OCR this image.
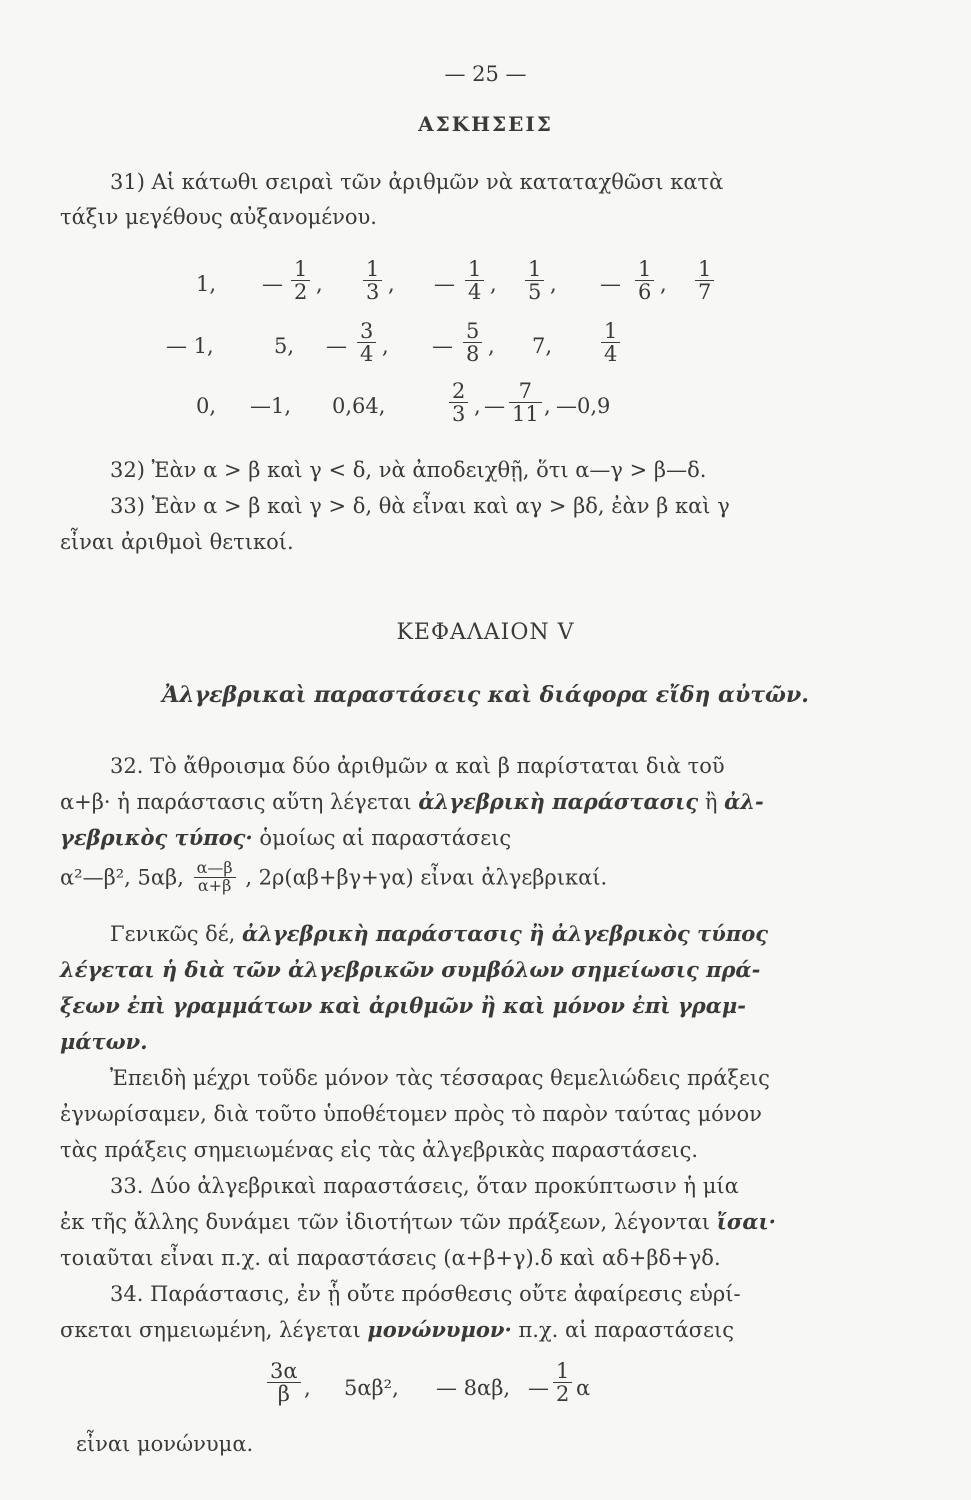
— 25 —
ΑΣΚΗΣΕΙΣ
31) Αἱ κάτωθι σειραὶ τῶν ἀριθμῶν νὰ καταταχθῶσι κατὰ
τάξιν μεγέθους αὐξανομένου.
1, — $\frac{1}{2}$ , $\frac{1}{3}$ , — $\frac{1}{4}$ , $\frac{1}{5}$ , — $\frac{1}{6}$ , $\frac{1}{7}$
— 1,	5, — $\frac{3}{4}$ , — $\frac{5}{8}$ , 7, $\frac{1}{4}$
0, —1, 0,64,	$\frac{2}{3}$ , — $\frac{7}{11}$ , —0,9
32) Ἐὰν α > β καὶ γ < δ, νὰ ἀποδειχθῇ, ὅτι α—γ > β—δ.
33) Ἐὰν α > β καὶ γ > δ, θὰ εἶναι καὶ αγ > βδ, ἐὰν β καὶ γ
εἶναι ἀριθμοὶ θετικοί.
ΚΕΦΑΛΑΙΟΝ V
Ἀλγεβρικαὶ παραστάσεις καὶ διάφορα εἴδη αὐτῶν.
32. Τὸ ἄθροισμα δύο ἀριθμῶν α καὶ β παρίσταται διὰ τοῦ
α+β· ἡ παράστασις αὕτη λέγεται ἀλγεβρικὴ παράστασις ἢ ἀλ-
γεβρικὸς τύπος· ὁμοίως αἱ παραστάσεις
α²—β², 5αβ, $\frac{\alpha—\beta}{\alpha+\beta}$ , 2ρ(αβ+βγ+γα) εἶναι ἀλγεβρικαί.
Γενικῶς δέ, ἀλγεβρικὴ παράστασις ἢ ἀλγεβρικὸς τύπος
λέγεται ἡ διὰ τῶν ἀλγεβρικῶν συμβόλων σημείωσις πρά-
ξεων ἐπὶ γραμμάτων καὶ ἀριθμῶν ἢ καὶ μόνον ἐπὶ γραμ-
μάτων.
Ἐπειδὴ μέχρι τοῦδε μόνον τὰς τέσσαρας θεμελιώδεις πράξεις
ἐγνωρίσαμεν, διὰ τοῦτο ὑποθέτομεν πρὸς τὸ παρὸν ταύτας μόνον
τὰς πράξεις σημειωμένας εἰς τὰς ἀλγεβρικὰς παραστάσεις.
33. Δύο ἀλγεβρικαὶ παραστάσεις, ὅταν προκύπτωσιν ἡ μία
ἐκ τῆς ἄλλης δυνάμει τῶν ἰδιοτήτων τῶν πράξεων, λέγονται ἴσαι·
τοιαῦται εἶναι π.χ. αἱ παραστάσεις (α+β+γ).δ καὶ αδ+βδ+γδ.
34. Παράστασις, ἐν ᾗ οὔτε πρόσθεσις οὔτε ἀφαίρεσις εὑρί-
σκεται σημειωμένη, λέγεται μονώνυμον· π.χ. αἱ παραστάσεις
$\frac{3\alpha}{\beta}$ , 5αβ², — 8αβ, — $\frac{1}{2}$ α
εἶναι μονώνυμα.
